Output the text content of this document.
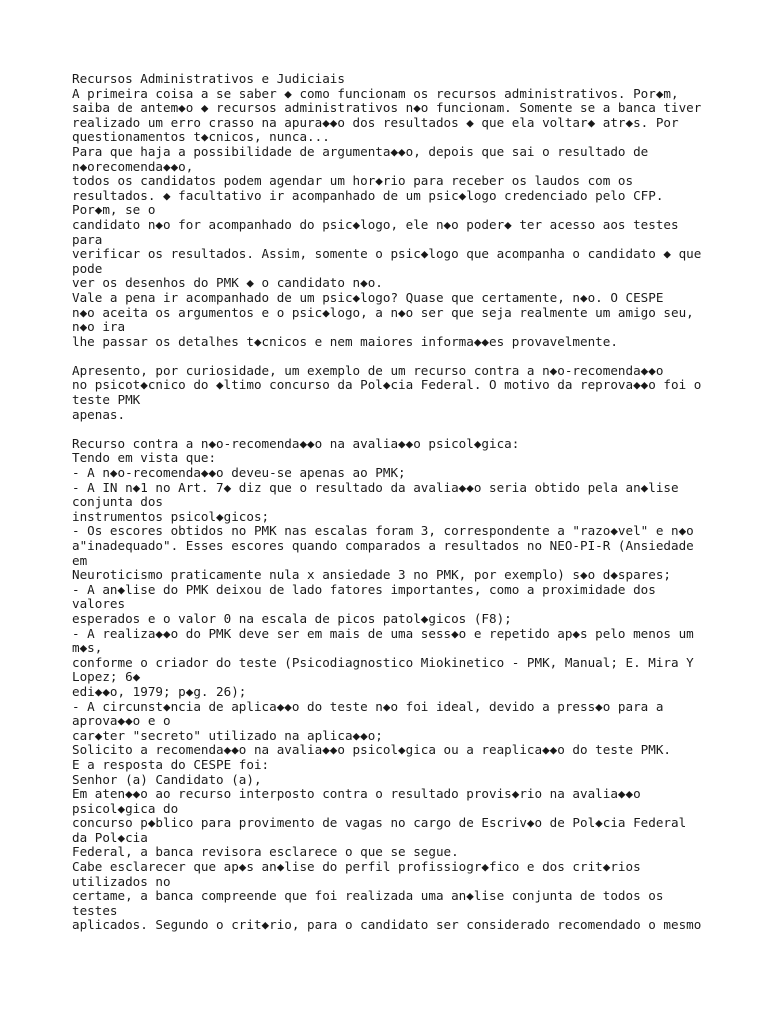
Recursos Administrativos e Judiciais
A primeira coisa a se saber ◆ como funcionam os recursos administrativos. Por◆m,
saiba de antem◆o ◆ recursos administrativos n◆o funcionam. Somente se a banca tiver
realizado um erro crasso na apura◆◆o dos resultados ◆ que ela voltar◆ atr◆s. Por
questionamentos t◆cnicos, nunca...
Para que haja a possibilidade de argumenta◆◆o, depois que sai o resultado de
n◆orecomenda◆◆o,
todos os candidatos podem agendar um hor◆rio para receber os laudos com os
resultados. ◆ facultativo ir acompanhado de um psic◆logo credenciado pelo CFP.
Por◆m, se o
candidato n◆o for acompanhado do psic◆logo, ele n◆o poder◆ ter acesso aos testes
para
verificar os resultados. Assim, somente o psic◆logo que acompanha o candidato ◆ que
pode
ver os desenhos do PMK ◆ o candidato n◆o.
Vale a pena ir acompanhado de um psic◆logo? Quase que certamente, n◆o. O CESPE
n◆o aceita os argumentos e o psic◆logo, a n◆o ser que seja realmente um amigo seu,
n◆o ira
lhe passar os detalhes t◆cnicos e nem maiores informa◆◆es provavelmente.
Apresento, por curiosidade, um exemplo de um recurso contra a n◆o-recomenda◆◆o
no psicot◆cnico do ◆ltimo concurso da Pol◆cia Federal. O motivo da reprova◆◆o foi o
teste PMK
apenas.
Recurso contra a n◆o-recomenda◆◆o na avalia◆◆o psicol◆gica:
Tendo em vista que:
- A n◆o-recomenda◆◆o deveu-se apenas ao PMK;
- A IN n◆1 no Art. 7◆ diz que o resultado da avalia◆◆o seria obtido pela an◆lise
conjunta dos
instrumentos psicol◆gicos;
- Os escores obtidos no PMK nas escalas foram 3, correspondente a "razo◆vel" e n◆o
a"inadequado". Esses escores quando comparados a resultados no NEO-PI-R (Ansiedade
em
Neuroticismo praticamente nula x ansiedade 3 no PMK, por exemplo) s◆o d◆spares;
- A an◆lise do PMK deixou de lado fatores importantes, como a proximidade dos
valores
esperados e o valor 0 na escala de picos patol◆gicos (F8);
- A realiza◆◆o do PMK deve ser em mais de uma sess◆o e repetido ap◆s pelo menos um
m◆s,
conforme o criador do teste (Psicodiagnostico Miokinetico - PMK, Manual; E. Mira Y
Lopez; 6◆
edi◆◆o, 1979; p◆g. 26);
- A circunst◆ncia de aplica◆◆o do teste n◆o foi ideal, devido a press◆o para a
aprova◆◆o e o
car◆ter "secreto" utilizado na aplica◆◆o;
Solicito a recomenda◆◆o na avalia◆◆o psicol◆gica ou a reaplica◆◆o do teste PMK.
E a resposta do CESPE foi:
Senhor (a) Candidato (a),
Em aten◆◆o ao recurso interposto contra o resultado provis◆rio na avalia◆◆o
psicol◆gica do
concurso p◆blico para provimento de vagas no cargo de Escriv◆o de Pol◆cia Federal
da Pol◆cia
Federal, a banca revisora esclarece o que se segue.
Cabe esclarecer que ap◆s an◆lise do perfil profissiogr◆fico e dos crit◆rios
utilizados no
certame, a banca compreende que foi realizada uma an◆lise conjunta de todos os
testes
aplicados. Segundo o crit◆rio, para o candidato ser considerado recomendado o mesmo
